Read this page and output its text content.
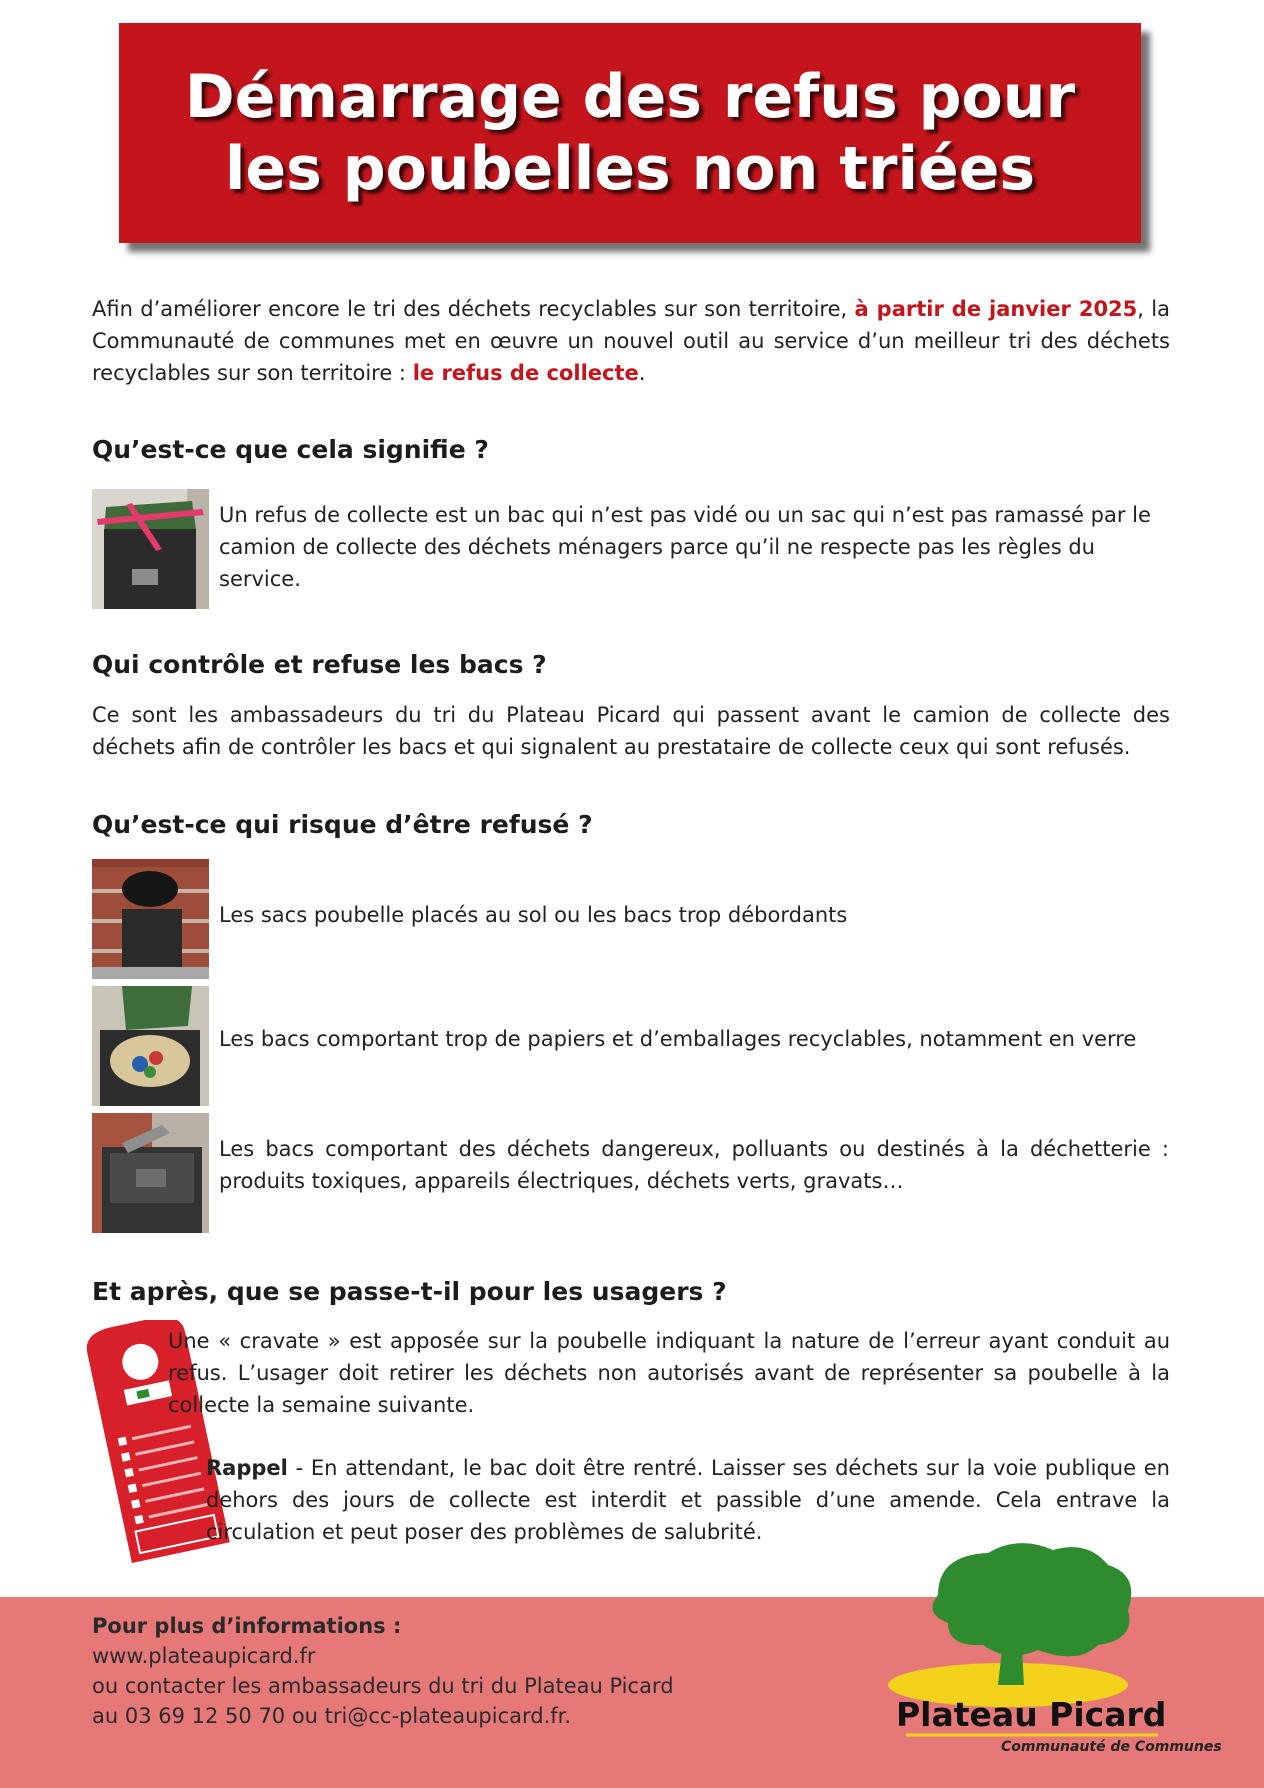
Démarrage des refus pour
les poubelles non triées

Afin d’améliorer encore le tri des déchets recyclables sur son territoire, à partir de janvier 2025, la Communauté de communes met en œuvre un nouvel outil au service d’un meilleur tri des déchets recyclables sur son territoire : le refus de collecte.

Qu’est-ce que cela signifie ?

Un refus de collecte est un bac qui n’est pas vidé ou un sac qui n’est pas ramassé par le camion de collecte des déchets ménagers parce qu’il ne respecte pas les règles du service.

Qui contrôle et refuse les bacs ?

Ce sont les ambassadeurs du tri du Plateau Picard qui passent avant le camion de collecte des déchets afin de contrôler les bacs et qui signalent au prestataire de collecte ceux qui sont refusés.

Qu’est-ce qui risque d’être refusé ?

Les sacs poubelle placés au sol ou les bacs trop débordants

Les bacs comportant trop de papiers et d’emballages recyclables, notamment en verre

Les bacs comportant des déchets dangereux, polluants ou destinés à la déchetterie : produits toxiques, appareils électriques, déchets verts, gravats…

Et après, que se passe-t-il pour les usagers ?

Une « cravate » est apposée sur la poubelle indiquant la nature de l’erreur ayant conduit au refus. L’usager doit retirer les déchets non autorisés avant de représenter sa poubelle à la collecte la semaine suivante.

Rappel - En attendant, le bac doit être rentré. Laisser ses déchets sur la voie publique en dehors des jours de collecte est interdit et passible d’une amende. Cela entrave la circulation et peut poser des problèmes de salubrité.

Pour plus d’informations :
www.plateaupicard.fr
ou contacter les ambassadeurs du tri du Plateau Picard
au 03 69 12 50 70 ou tri@cc-plateaupicard.fr.	Plateau Picard
Communauté de Communes
